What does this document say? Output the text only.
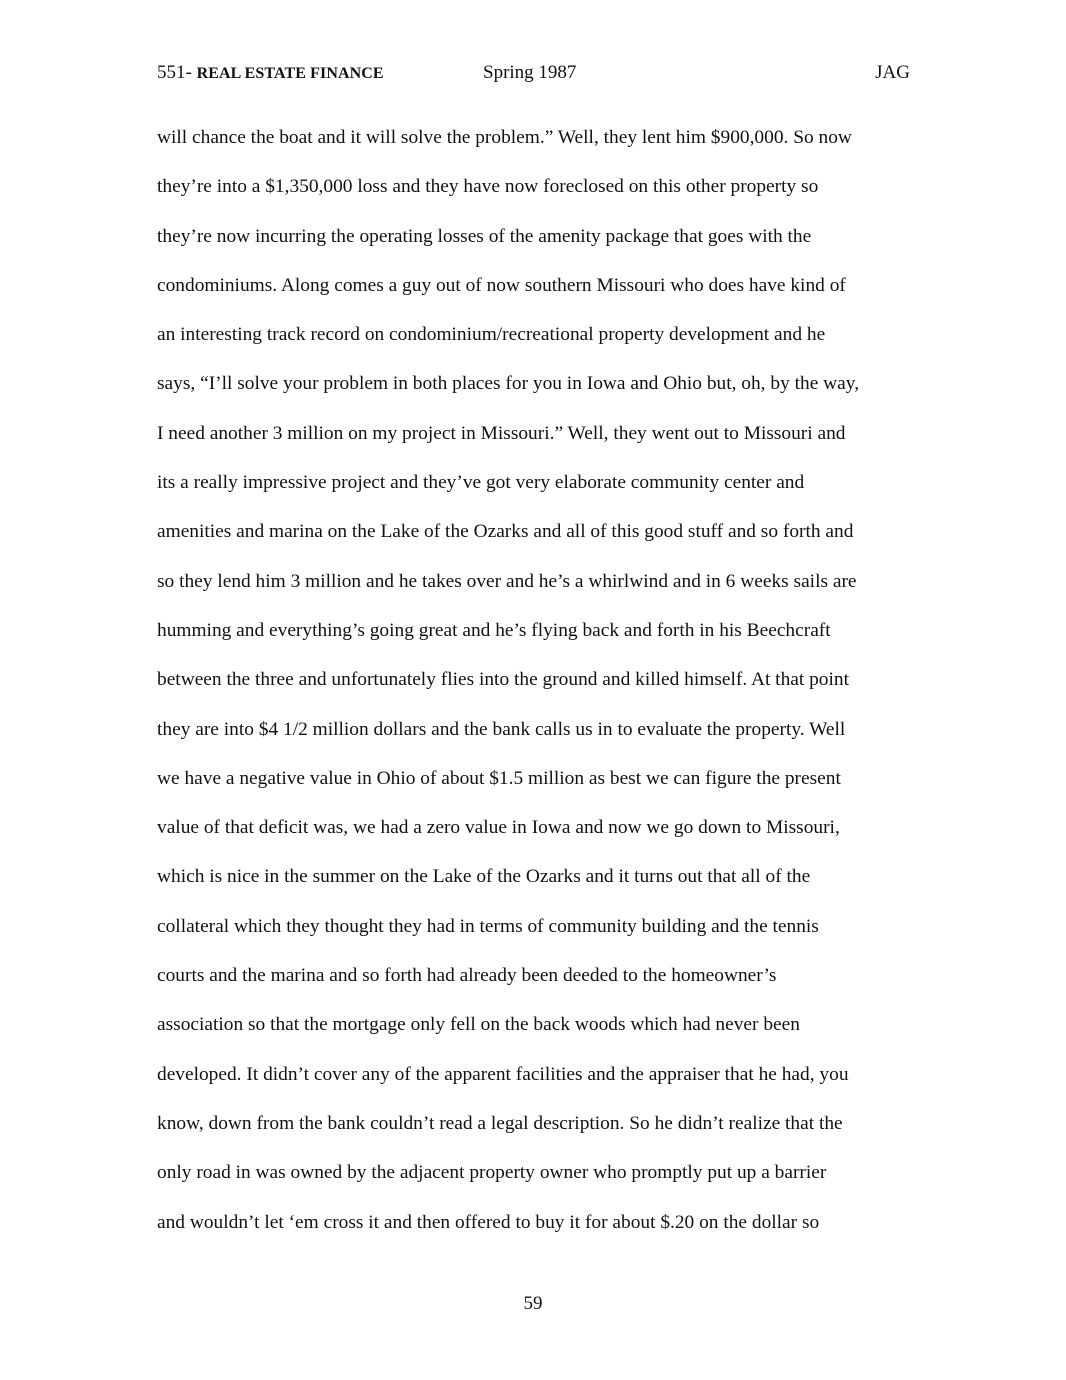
551- REAL ESTATE FINANCE	Spring 1987	JAG
will chance the boat and it will solve the problem.” Well, they lent him $900,000. So now
they’re into a $1,350,000 loss and they have now foreclosed on this other property so
they’re now incurring the operating losses of the amenity package that goes with the
condominiums. Along comes a guy out of now southern Missouri who does have kind of
an interesting track record on condominium/recreational property development and he
says, “I’ll solve your problem in both places for you in Iowa and Ohio but, oh, by the way,
I need another 3 million on my project in Missouri.” Well, they went out to Missouri and
its a really impressive project and they’ve got very elaborate community center and
amenities and marina on the Lake of the Ozarks and all of this good stuff and so forth and
so they lend him 3 million and he takes over and he’s a whirlwind and in 6 weeks sails are
humming and everything’s going great and he’s flying back and forth in his Beechcraft
between the three and unfortunately flies into the ground and killed himself. At that point
they are into $4 1/2 million dollars and the bank calls us in to evaluate the property. Well
we have a negative value in Ohio of about $1.5 million as best we can figure the present
value of that deficit was, we had a zero value in Iowa and now we go down to Missouri,
which is nice in the summer on the Lake of the Ozarks and it turns out that all of the
collateral which they thought they had in terms of community building and the tennis
courts and the marina and so forth had already been deeded to the homeowner’s
association so that the mortgage only fell on the back woods which had never been
developed. It didn’t cover any of the apparent facilities and the appraiser that he had, you
know, down from the bank couldn’t read a legal description. So he didn’t realize that the
only road in was owned by the adjacent property owner who promptly put up a barrier
and wouldn’t let ‘em cross it and then offered to buy it for about $.20 on the dollar so
59
